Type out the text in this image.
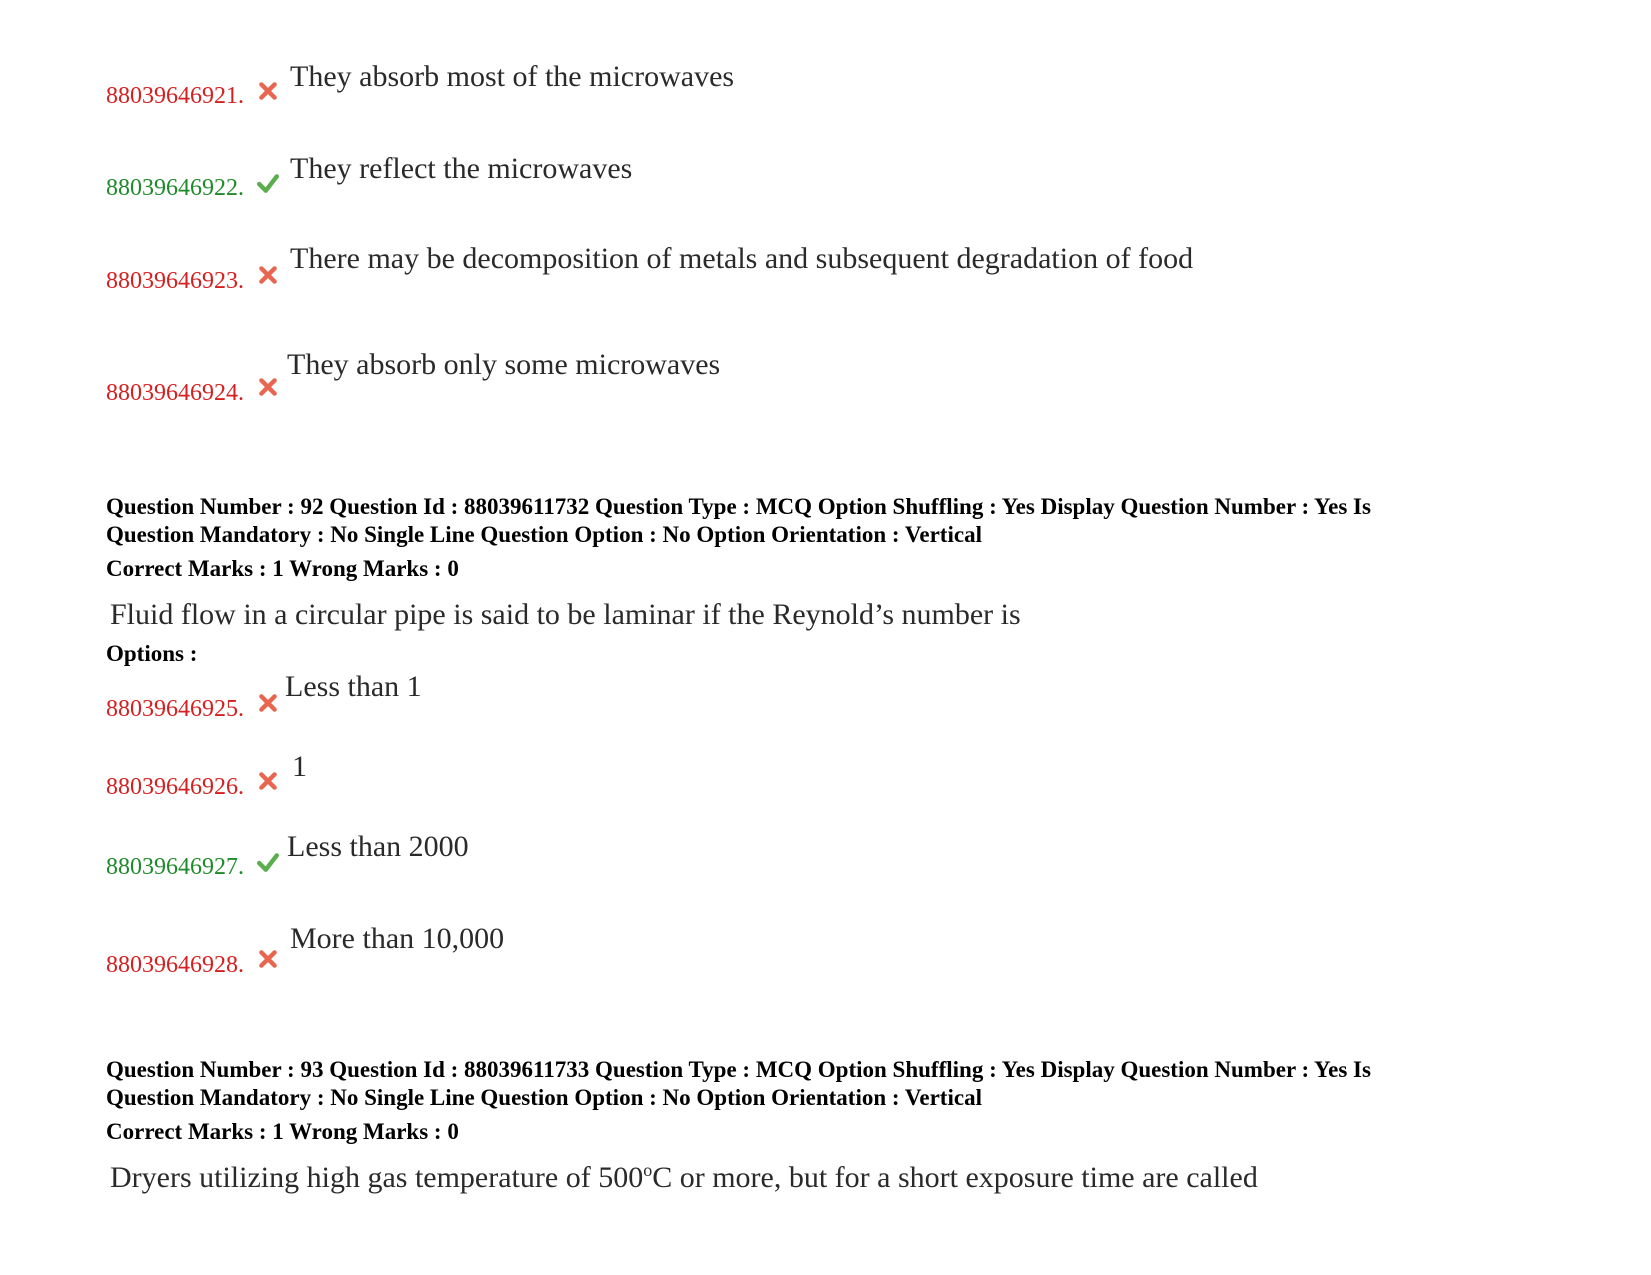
88039646921.
They absorb most of the microwaves
88039646922.
They reflect the microwaves
88039646923.
There may be decomposition of metals and subsequent degradation of food
88039646924.
They absorb only some microwaves
Question Number : 92 Question Id : 88039611732 Question Type : MCQ Option Shuffling : Yes Display Question Number : Yes Is
Question Mandatory : No Single Line Question Option : No Option Orientation : Vertical
Correct Marks : 1 Wrong Marks : 0
Fluid flow in a circular pipe is said to be laminar if the Reynold’s number is
Options :
88039646925.
Less than 1
88039646926.
1
88039646927.
Less than 2000
88039646928.
More than 10,000
Question Number : 93 Question Id : 88039611733 Question Type : MCQ Option Shuffling : Yes Display Question Number : Yes Is
Question Mandatory : No Single Line Question Option : No Option Orientation : Vertical
Correct Marks : 1 Wrong Marks : 0
Dryers utilizing high gas temperature of 500$^o$C or more, but for a short exposure time are called
